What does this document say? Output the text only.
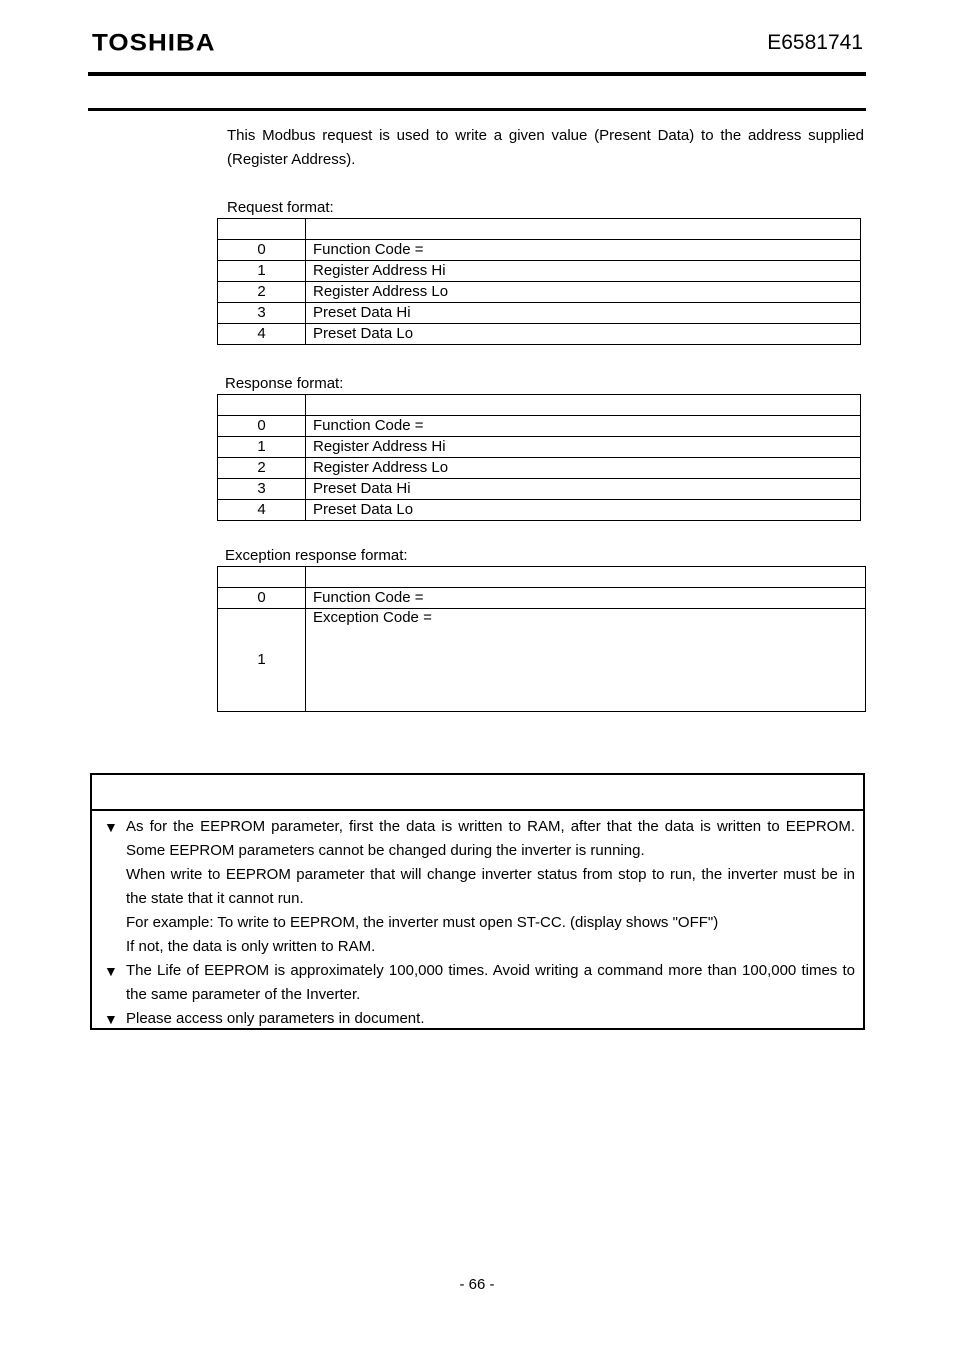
TOSHIBA	E6581741
This Modbus request is used to write a given value (Present Data) to the address supplied (Register Address).
Request format:

0	Function Code =
1	Register Address Hi
2	Register Address Lo
3	Preset Data Hi
4	Preset Data Lo
Response format:

0	Function Code =
1	Register Address Hi
2	Register Address Lo
3	Preset Data Hi
4	Preset Data Lo
Exception response format:

0	Function Code =
1	Exception Code =
▼ As for the EEPROM parameter, first the data is written to RAM, after that the data is written to EEPROM. Some EEPROM parameters cannot be changed during the inverter is running.
When write to EEPROM parameter that will change inverter status from stop to run, the inverter must be in the state that it cannot run.
For example: To write to EEPROM, the inverter must open ST-CC. (display shows "OFF")
If not, the data is only written to RAM.
▼ The Life of EEPROM is approximately 100,000 times. Avoid writing a command more than 100,000 times to the same parameter of the Inverter.
▼ Please access only parameters in document.
- 66 -
